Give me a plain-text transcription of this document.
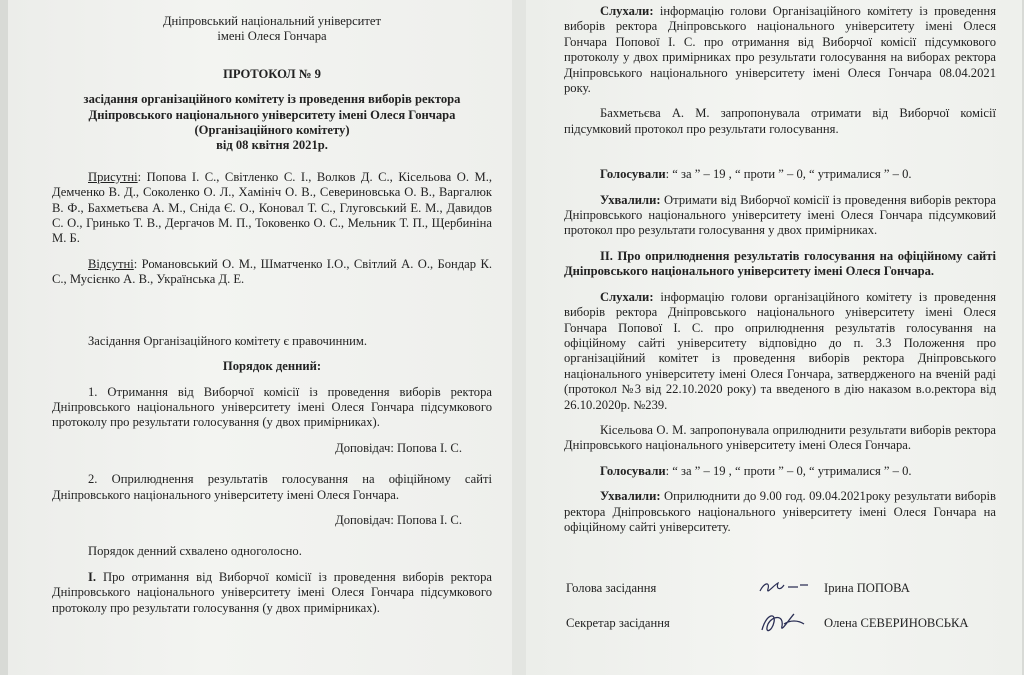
Дніпровський національний університет

імені Олеся Гончара

ПРОТОКОЛ № 9

засідання організаційного комітету із проведення виборів ректора

Дніпровського національного університету імені Олеся Гончара

(Організаційного комітету)

від 08 квітня 2021р.

Присутні: Попова І. С., Світленко С. І., Волков Д. С., Кісельова О. М., Демченко В. Д., Соколенко О. Л., Хамініч О. В., Севериновська О. В., Варгалюк В. Ф., Бахметьєва А. М., Сніда Є. О., Коновал Т. С., Глуговський Е. М., Давидов С. О., Гринько Т. В., Дергачов М. П., Токовенко О. С., Мельник Т. П., Щербиніна М. Б.

Відсутні: Романовський О. М., Шматченко І.О., Світлий А. О., Бондар К. С., Мусієнко А. В., Українська Д. Е.

Засідання Організаційного комітету є правочинним.

Порядок денний:

1. Отримання від Виборчої комісії із проведення виборів ректора Дніпровського національного університету імені Олеся Гончара підсумкового протоколу про результати голосування (у двох примірниках).

Доповідач: Попова І. С.

2. Оприлюднення результатів голосування на офіційному сайті Дніпровського національного університету імені Олеся Гончара.

Доповідач: Попова І. С.

Порядок денний схвалено одноголосно.

І. Про отримання від Виборчої комісії із проведення виборів ректора Дніпровського національного університету імені Олеся Гончара підсумкового протоколу про результати голосування (у двох примірниках).

Слухали: інформацію голови Організаційного комітету із проведення виборів ректора Дніпровського національного університету імені Олеся Гончара Попової І. С. про отримання від Виборчої комісії підсумкового протоколу у двох примірниках про результати голосування на виборах ректора Дніпровського національного університету імені Олеся Гончара 08.04.2021 року.

Бахметьєва А. М. запропонувала отримати від Виборчої комісії підсумковий протокол про результати голосування.

Голосували: “ за ” – 19 , “ проти ” – 0, “ утрималися ” – 0.

Ухвалили: Отримати від Виборчої комісії із проведення виборів ректора Дніпровського національного університету імені Олеся Гончара підсумковий протокол про результати голосування у двох примірниках.

ІІ. Про оприлюднення результатів голосування на офіційному сайті Дніпровського національного університету імені Олеся Гончара.

Слухали: інформацію голови організаційного комітету із проведення виборів ректора Дніпровського національного університету імені Олеся Гончара Попової І. С. про оприлюднення результатів голосування на офіційному сайті університету відповідно до п. 3.3 Положення про організаційний комітет із проведення виборів ректора Дніпровського національного університету імені Олеся Гончара, затвердженого на вченій раді (протокол №3 від 22.10.2020 року) та введеного в дію наказом в.о.ректора від 26.10.2020р. №239.

Кісельова О. М. запропонувала оприлюднити результати виборів ректора Дніпровського національного університету імені Олеся Гончара.

Голосували: “ за ” – 19 , “ проти ” – 0, “ утрималися ” – 0.

Ухвалили: Оприлюднити до 9.00 год. 09.04.2021року результати виборів ректора Дніпровського національного університету імені Олеся Гончара на офіційному сайті університету.

Голова засідання	Ірина ПОПОВА
Секретар засідання	Олена СЕВЕРИНОВСЬКА
